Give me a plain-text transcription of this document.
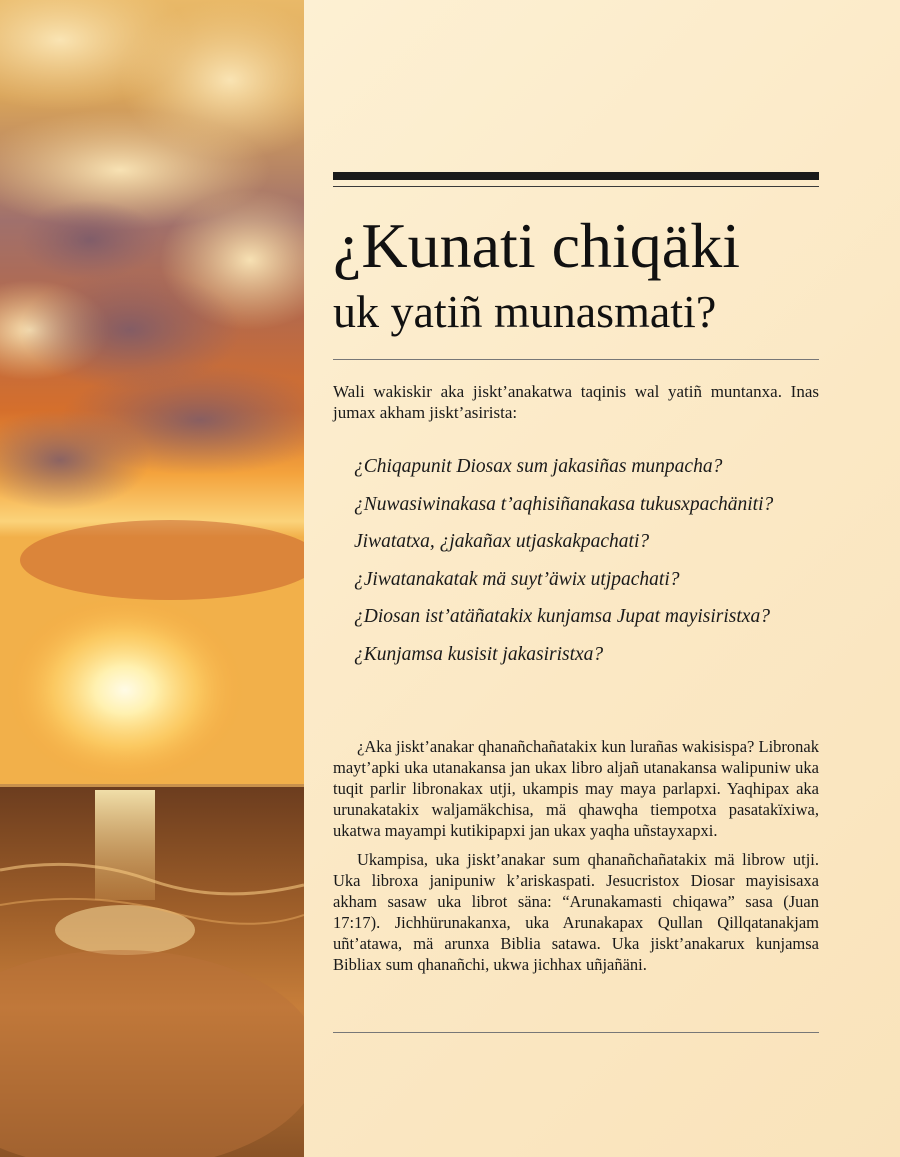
¿Kunati chiqäki
uk yatiñ munasmati?

Wali wakiskir aka jiskt’anakatwa taqinis wal yatiñ muntanxa. Inas jumax akham jiskt’asiristа:

¿Chiqapunit Diosax sum jakasiñas munpacha?
¿Nuwasiwinakasa t’aqhisiñanakasa tukusxpachäniti?
Jiwatatxa, ¿jakañax utjaskakpachati?
¿Jiwatanakatak mä suyt’äwix utjpachati?
¿Diosan ist’atäñatakix kunjamsa Jupat mayisiristxa?
¿Kunjamsa kusisit jakasiristxa?

¿Aka jiskt’anakar qhanañchañatakix kun lurañas wakisispa? Libronak mayt’apki uka utanakansa jan ukax libro aljañ utanakansa walipuniw uka tuqit parlir libronakax utji, ukampis may maya parlapxi. Yaqhipax aka urunakatakix waljamäkchisa, mä qhawqha tiempotxa pasatakïxiwa, ukatwa mayampi kutikipapxi jan ukax yaqha uñstayxapxi.

Ukampisa, uka jiskt’anakar sum qhanañchañatakix mä librow utji. Uka libroxa janipuniw k’ariskaspati. Jesucristox Diosar mayisisaxa akham sasaw uka librot säna: “Arunakamasti chiqawa” sasa (Juan 17:17). Jichhürunakanxa, uka Arunakapax Qullan Qillqatanakjam uñt’atawa, mä arunxa Biblia satawa. Uka jiskt’anakarux kunjamsa Bibliax sum qhanañchi, ukwa jichhax uñjañäni.
